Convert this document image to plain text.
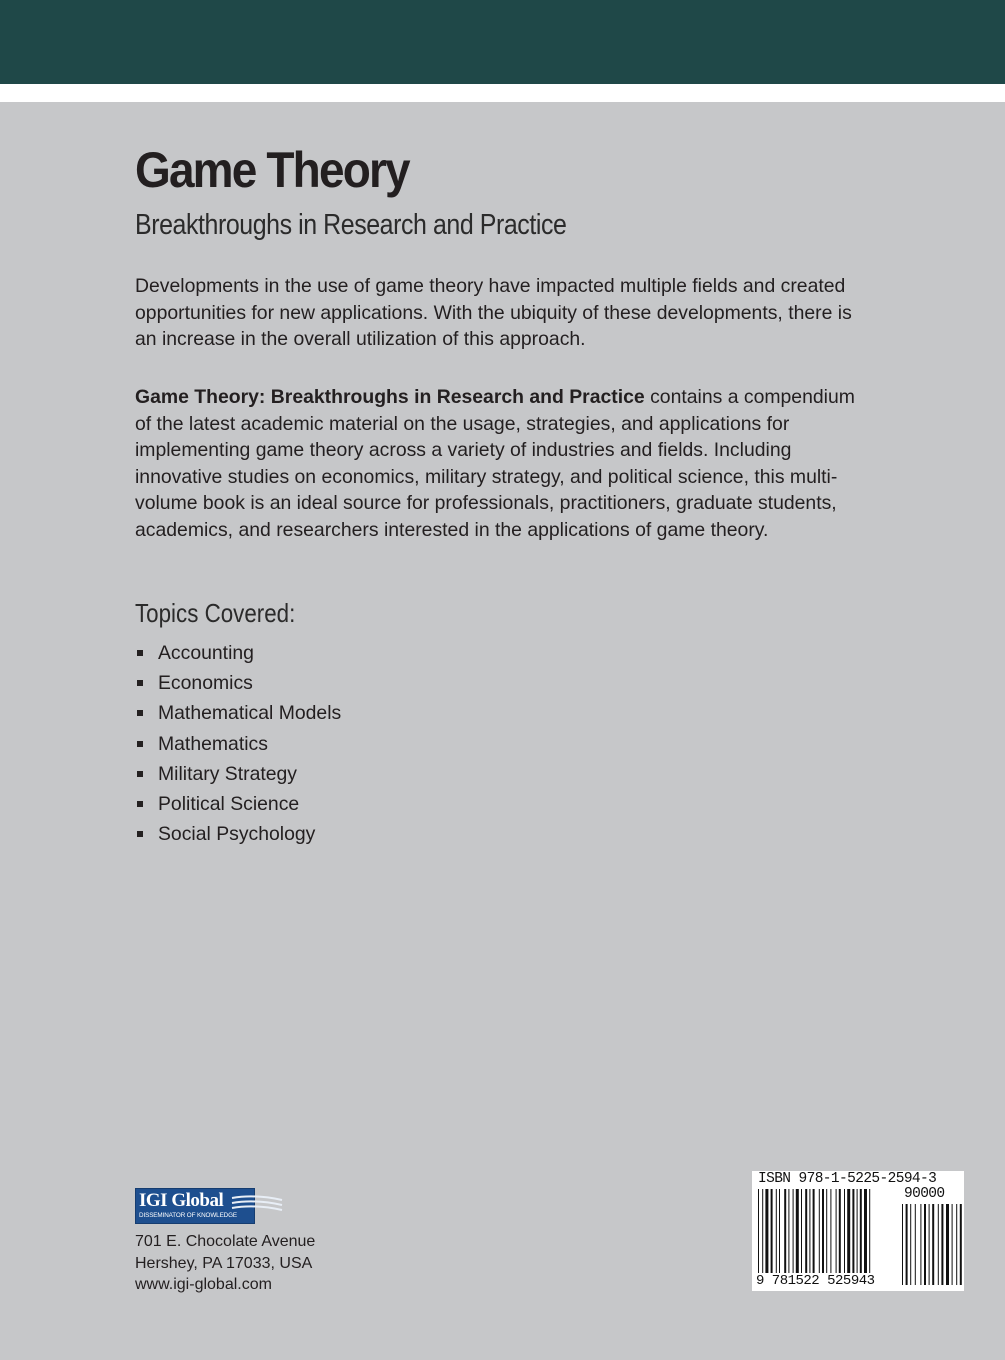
Game Theory
Breakthroughs in Research and Practice

Developments in the use of game theory have impacted multiple fields and created opportunities for new applications. With the ubiquity of these developments, there is an increase in the overall utilization of this approach.

Game Theory: Breakthroughs in Research and Practice contains a compendium of the latest academic material on the usage, strategies, and applications for implementing game theory across a variety of industries and fields. Including innovative studies on economics, military strategy, and political science, this multi-volume book is an ideal source for professionals, practitioners, graduate students, academics, and researchers interested in the applications of game theory.

Topics Covered:
Accounting
Economics
Mathematical Models
Mathematics
Military Strategy
Political Science
Social Psychology
IGI Global
DISSEMINATOR OF KNOWLEDGE
701 E. Chocolate Avenue
Hershey, PA 17033, USA
www.igi-global.com
ISBN 978-1-5225-2594-3
90000
9 781522 525943
